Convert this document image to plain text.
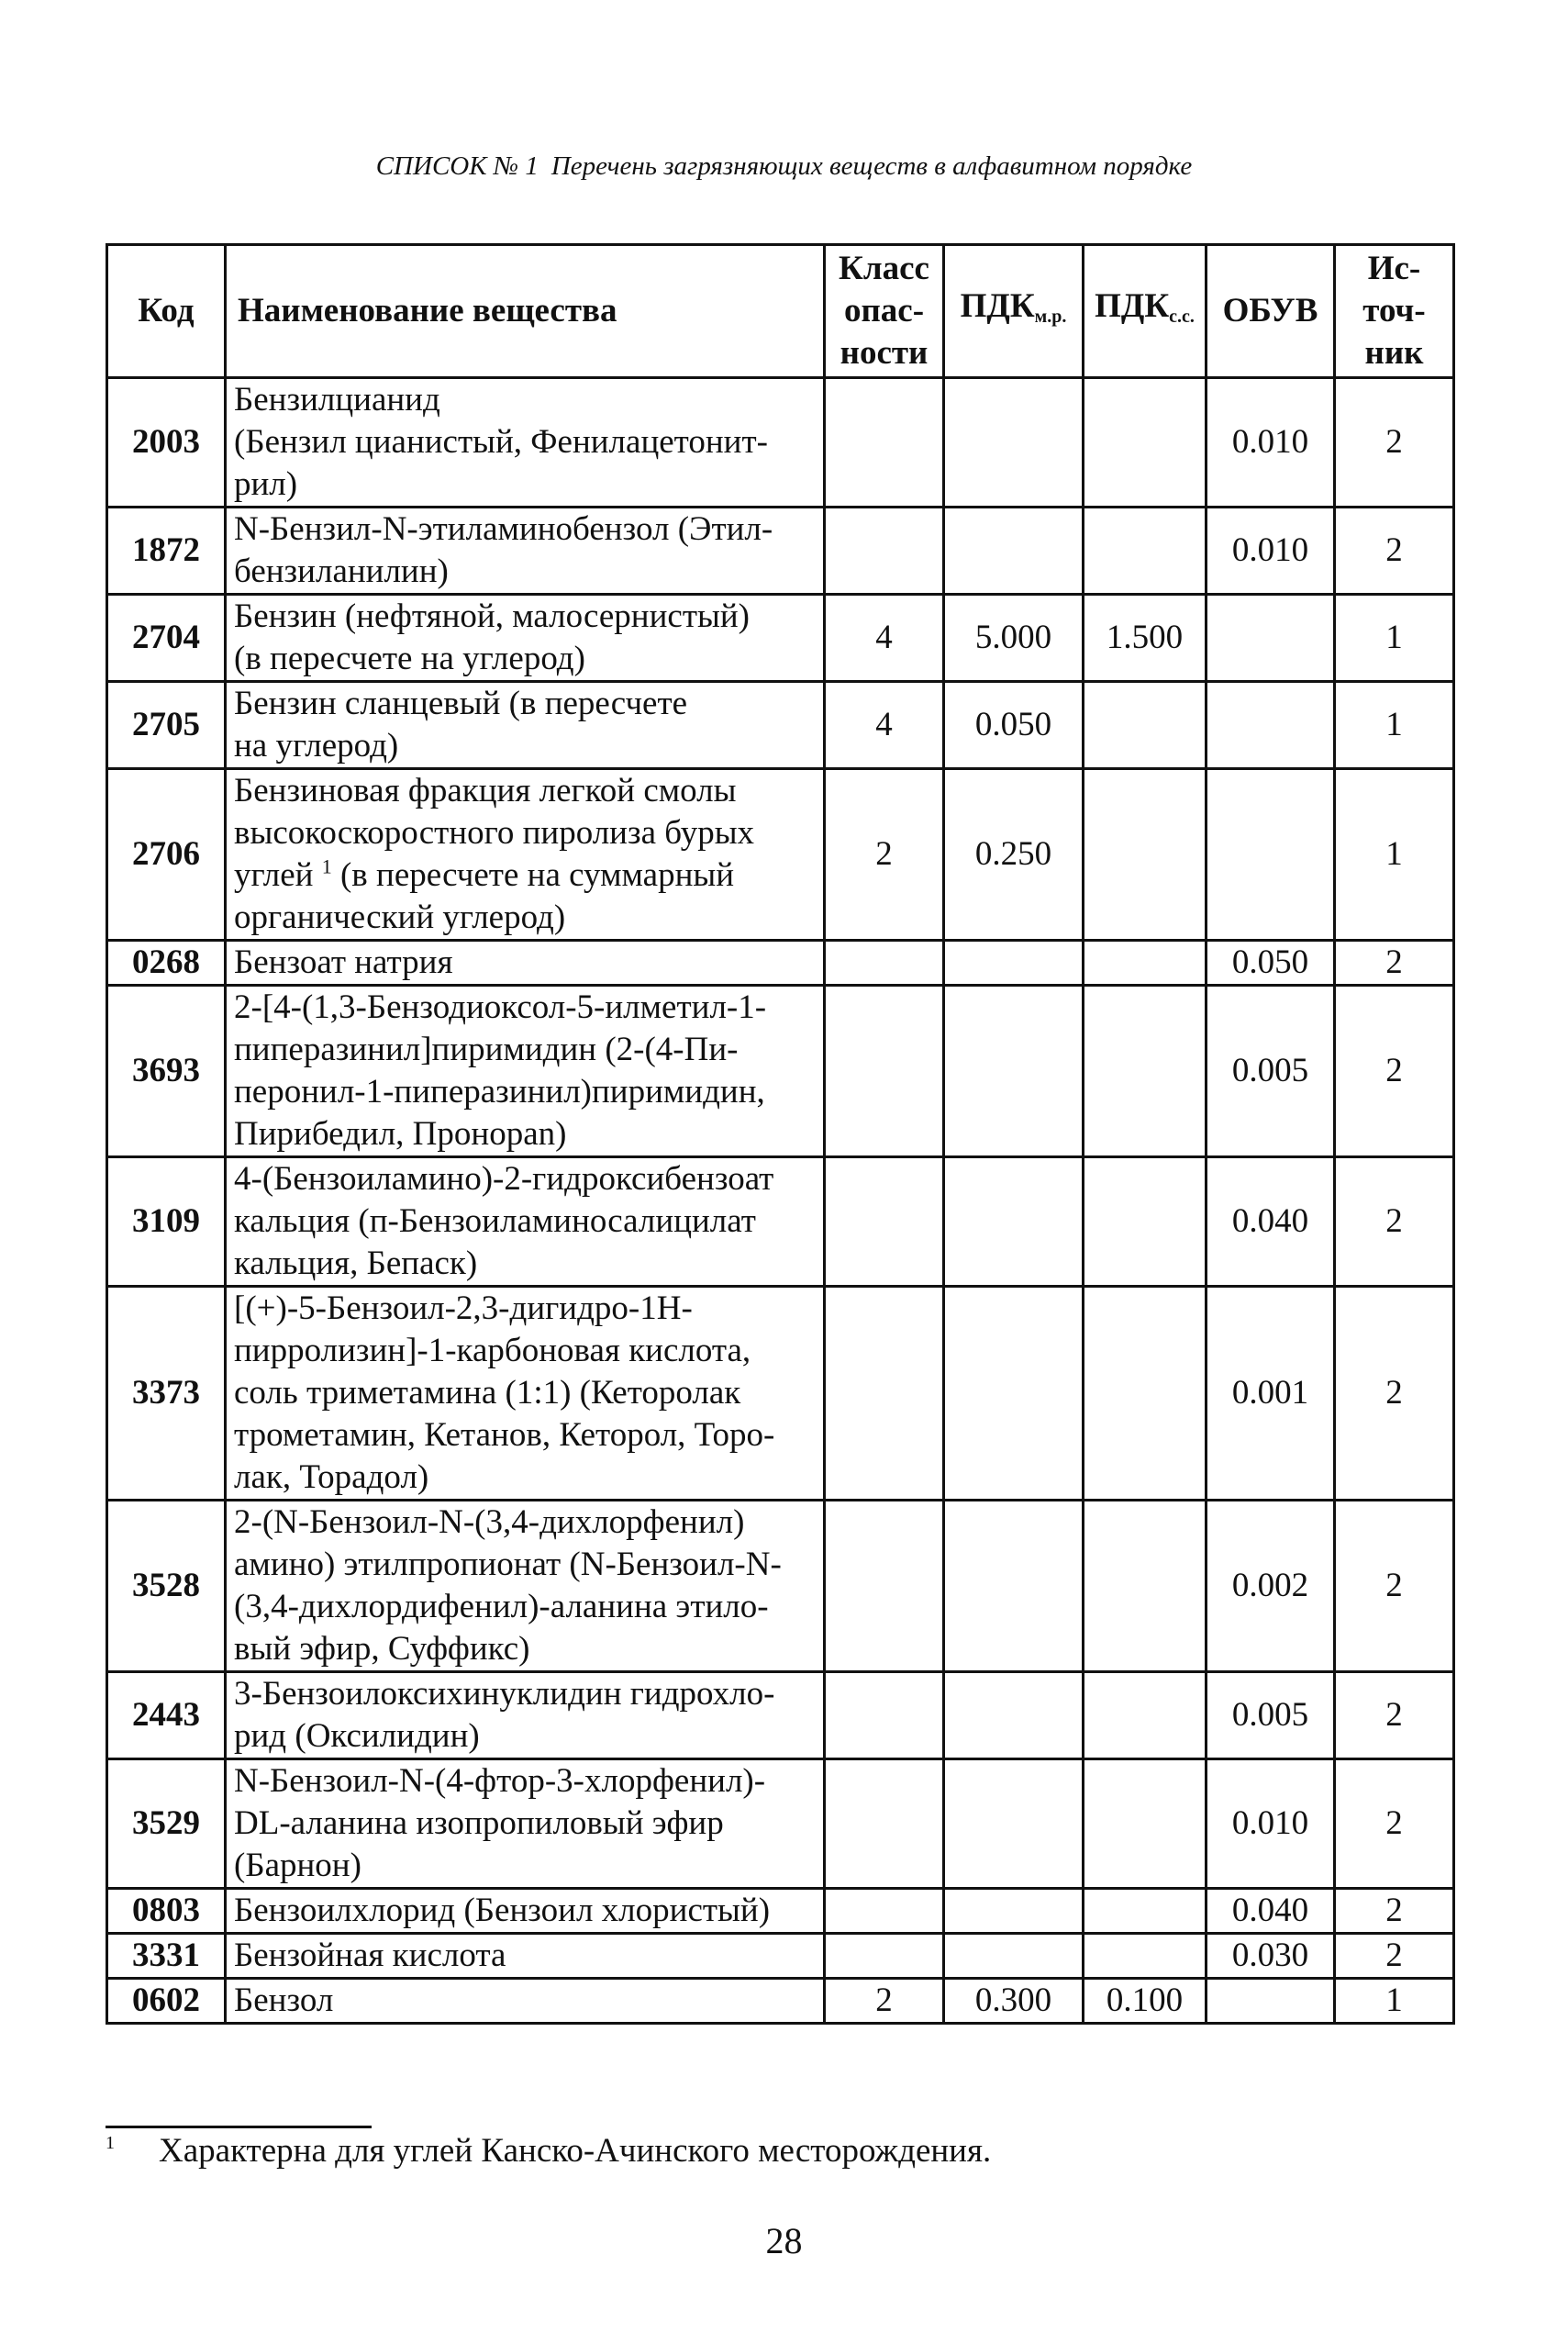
СПИСОК № 1 Перечень загрязняющих веществ в алфавитном порядке
Код	Наименование вещества	Класс
опас-
ности	$ПДК_{м.р.}$	$ПДК_{с.с.}$	ОБУВ	Ис-
точ-
ник
2003	Бензилцианид
(Бензил цианистый, Фенилацетонит-
рил)				0.010	2
1872	N-Бензил-N-этиламинобензол (Этил-
бензиланилин)				0.010	2
2704	Бензин (нефтяной, малосернистый)
(в пересчете на углерод)	4	5.000	1.500		1
2705	Бензин сланцевый (в пересчете
на углерод)	4	0.050			1
2706	Бензиновая фракция легкой смолы
высокоскоростного пиролиза бурых
углей $^1$ (в пересчете на суммарный
органический углерод)	2	0.250			1
0268	Бензоат натрия				0.050	2
3693	2-[4-(1,3-Бензодиоксол-5-илметил-1-
пиперазинил]пиримидин (2-(4-Пи-
перонил-1-пиперазинил)пиримидин,
Пирибедил, Пронораn)				0.005	2
3109	4-(Бензоиламино)-2-гидроксибензоат
кальция (п-Бензоиламиносалицилат
кальция, Бепаск)				0.040	2
3373	[(+)-5-Бензоил-2,3-дигидро-1Н-
пирролизин]-1-карбоновая кислота,
соль триметамина (1:1) (Кеторолак
трометамин, Кетанов, Кеторол, Торо-
лак, Торадол)				0.001	2
3528	2-(N-Бензоил-N-(3,4-дихлорфенил)
амино) этилпропионат (N-Бензоил-N-
(3,4-дихлордифенил)-аланина этило-
вый эфир, Суффикс)				0.002	2
2443	3-Бензоилоксихинуклидин гидрохло-
рид (Оксилидин)				0.005	2
3529	N-Бензоил-N-(4-фтор-3-хлорфенил)-
DL-аланина изопропиловый эфир
(Барнон)				0.010	2
0803	Бензоилхлорид (Бензоил хлористый)				0.040	2
3331	Бензойная кислота				0.030	2
0602	Бензол	2	0.300	0.100		1
1 Характерна для углей Канско-Ачинского месторождения.
28
